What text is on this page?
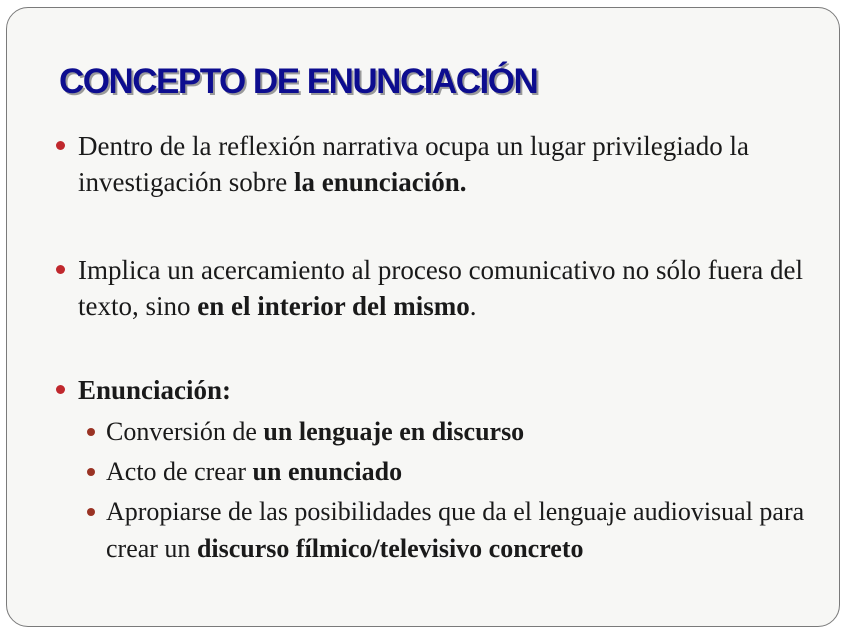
CONCEPTO DE ENUNCIACIÓN
Dentro de la reflexión narrativa ocupa un lugar privilegiado la investigación sobre la enunciación.
Implica un acercamiento al proceso comunicativo no sólo fuera del texto, sino en el interior del mismo.
Enunciación:
Conversión de un lenguaje en discurso
Acto de crear un enunciado
Apropiarse de las posibilidades que da el lenguaje audiovisual para crear un discurso fílmico/televisivo concreto
